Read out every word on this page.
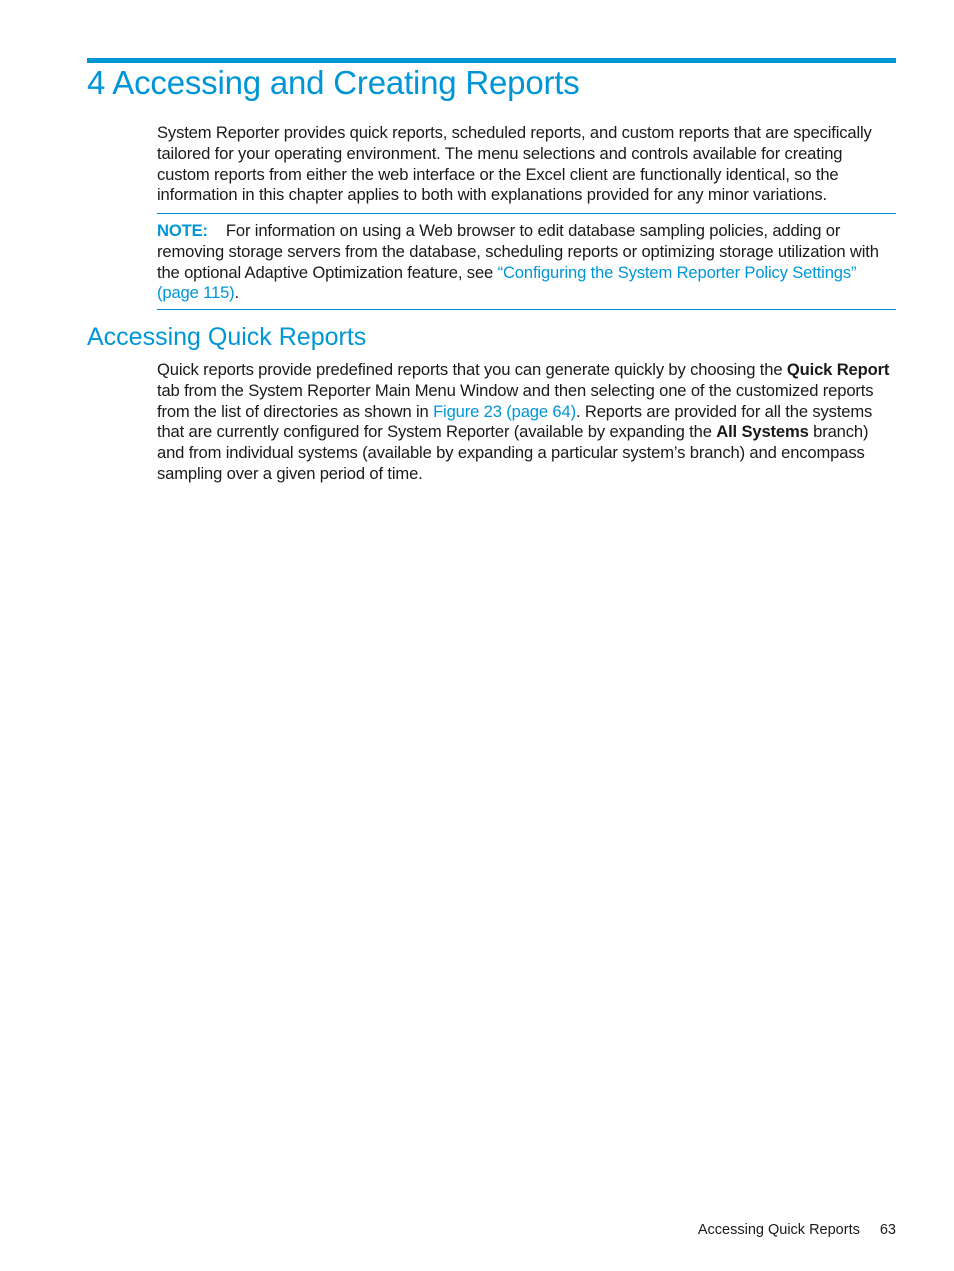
4 Accessing and Creating Reports

System Reporter provides quick reports, scheduled reports, and custom reports that are specifically tailored for your operating environment. The menu selections and controls available for creating custom reports from either the web interface or the Excel client are functionally identical, so the information in this chapter applies to both with explanations provided for any minor variations.

NOTE: For information on using a Web browser to edit database sampling policies, adding or removing storage servers from the database, scheduling reports or optimizing storage utilization with the optional Adaptive Optimization feature, see “Configuring the System Reporter Policy Settings” (page 115).
Accessing Quick Reports

Quick reports provide predefined reports that you can generate quickly by choosing the Quick Report tab from the System Reporter Main Menu Window and then selecting one of the customized reports from the list of directories as shown in Figure 23 (page 64). Reports are provided for all the systems that are currently configured for System Reporter (available by expanding the All Systems branch) and from individual systems (available by expanding a particular system’s branch) and encompass sampling over a given period of time.

Accessing Quick Reports 63
